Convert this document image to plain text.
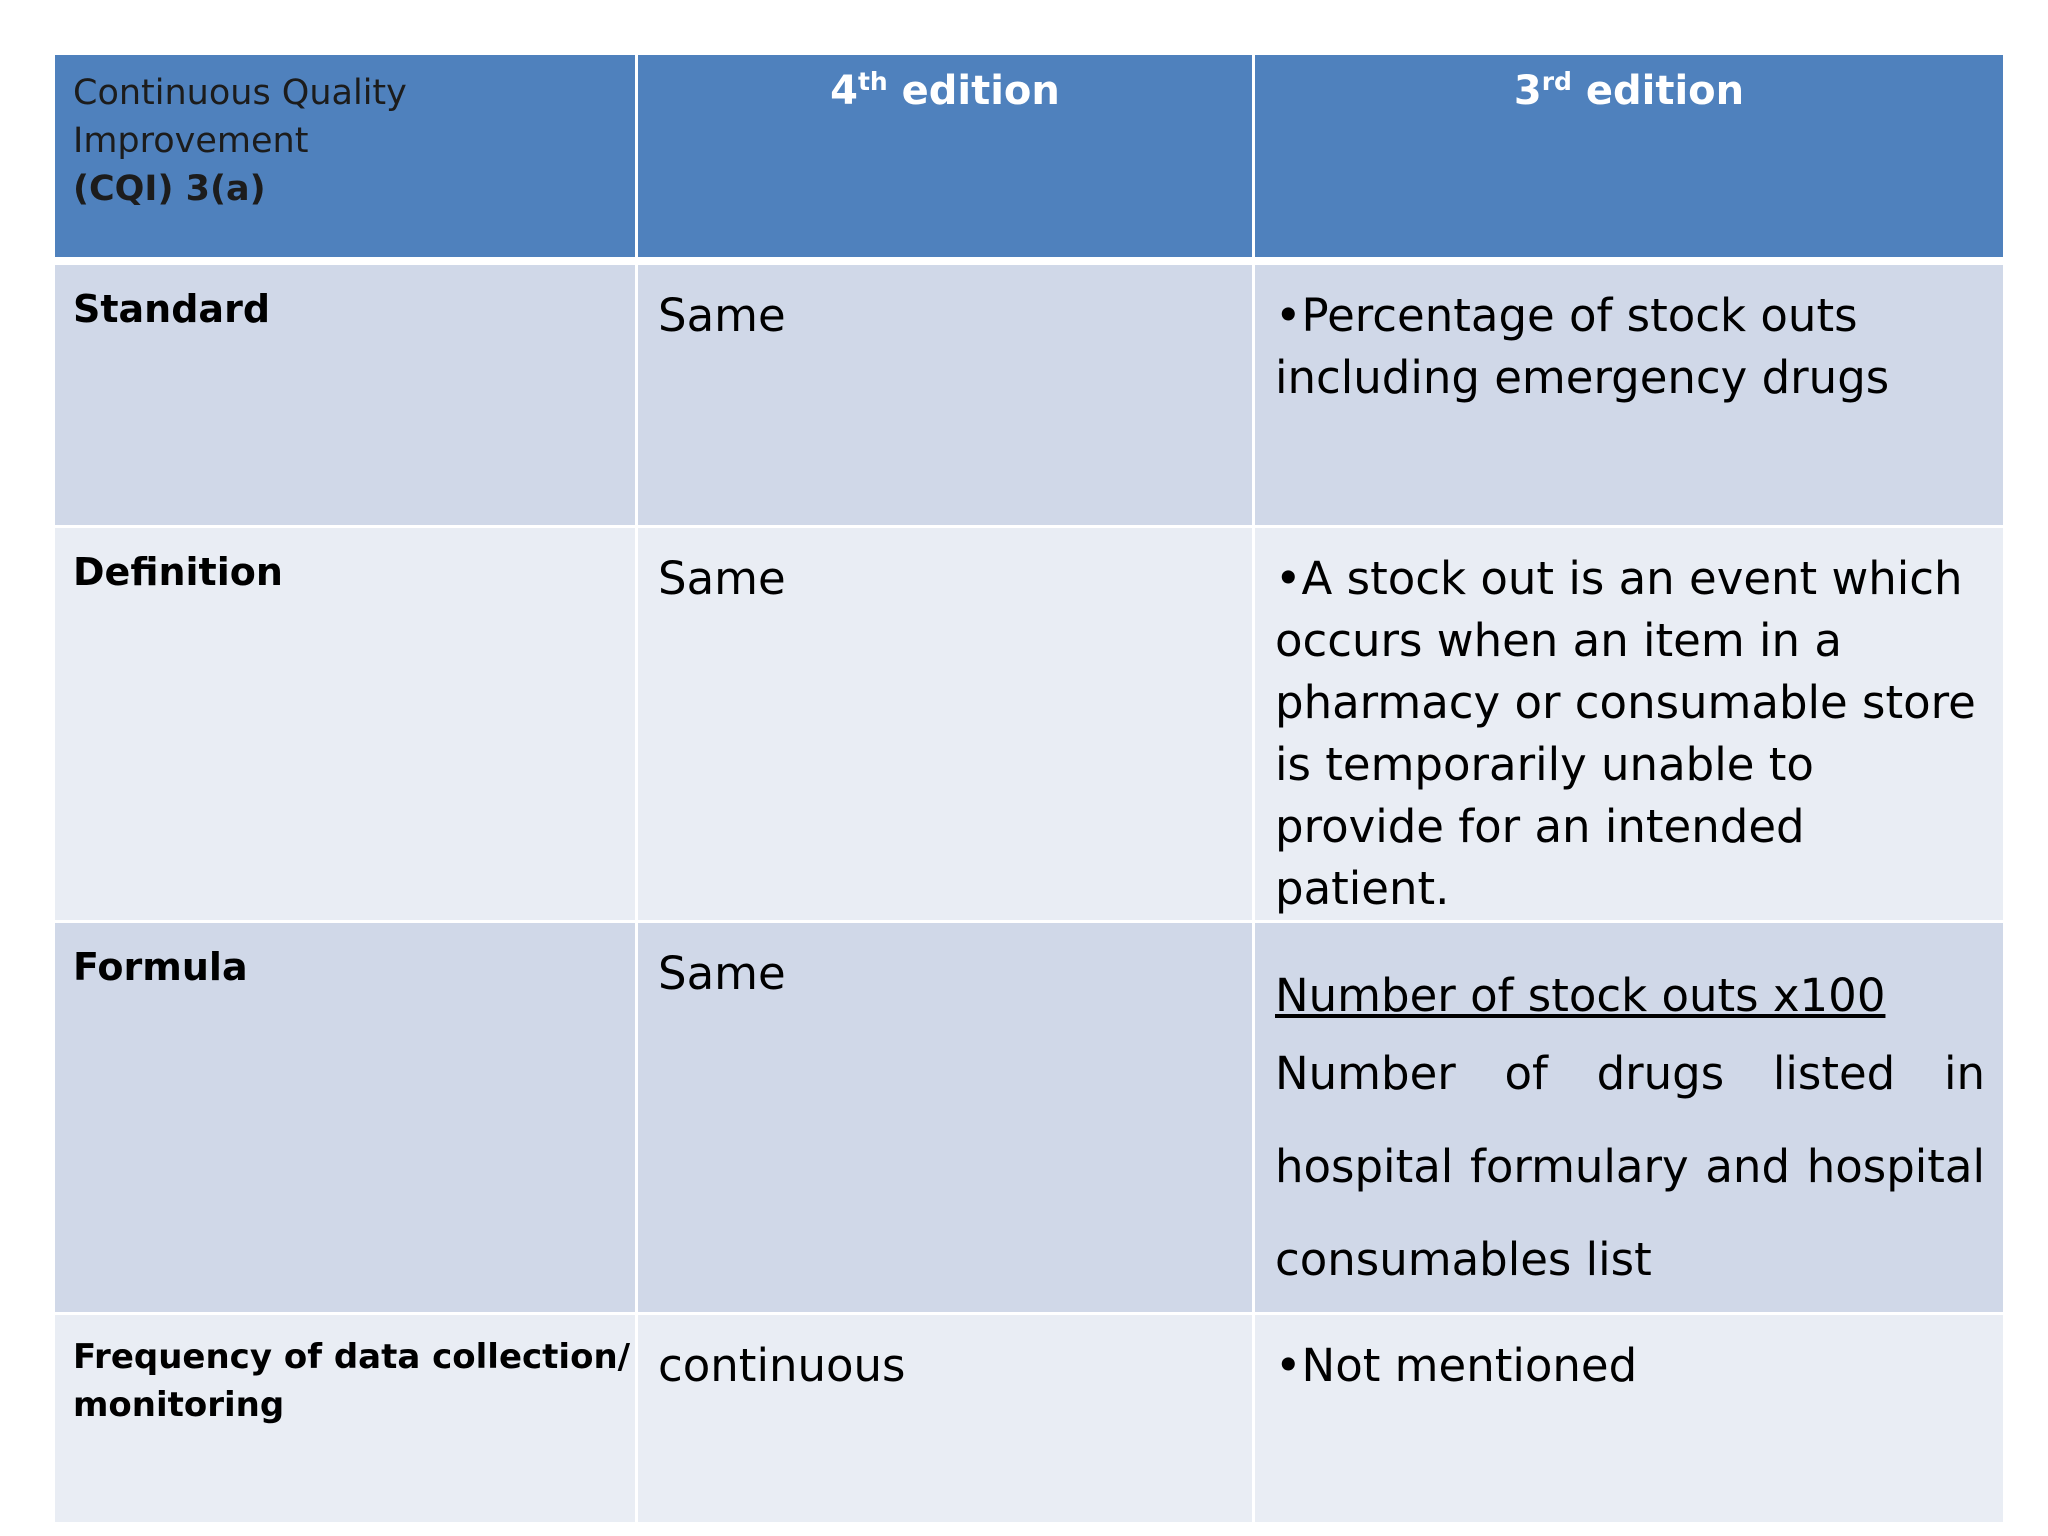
Continuous Quality Improvement
(CQI) 3(a)	4th edition	3rd edition
Standard	Same	•Percentage of stock outs including emergency drugs
Definition	Same	•A stock out is an event which occurs when an item in a pharmacy or consumable store is temporarily unable to provide for an intended patient.
Formula	Same	Number of stock outs x100
Number of drugs listed in hospital formulary and hospital
consumables list

Frequency of data collection/ monitoring	continuous	•Not mentioned
